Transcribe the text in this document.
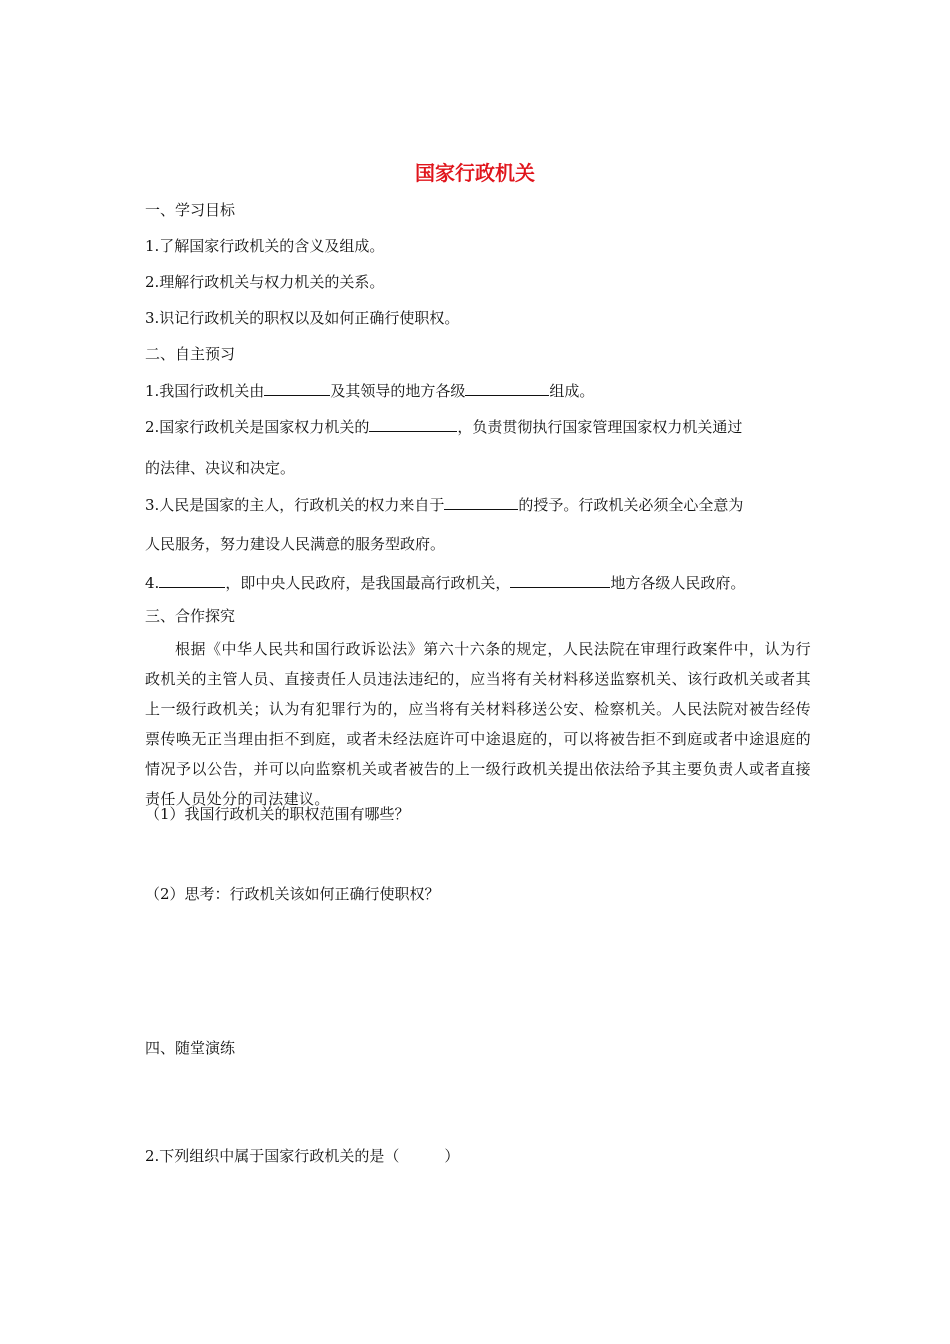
国家行政机关
一、学习目标
1.了解国家行政机关的含义及组成。
2.理解行政机关与权力机关的关系。
3.识记行政机关的职权以及如何正确行使职权。
二、自主预习
1.我国行政机关由	及其领导的地方各级	组成。
2.国家行政机关是国家权力机关的	，负责贯彻执行国家管理国家权力机关通过
的法律、决议和决定。
3.人民是国家的主人，行政机关的权力来自于	的授予。行政机关必须全心全意为
人民服务，努力建设人民满意的服务型政府。
4.	，即中央人民政府，是我国最高行政机关，	地方各级人民政府。
三、合作探究
根据《中华人民共和国行政诉讼法》第六十六条的规定，人民法院在审理行政案件中，认为行政机关的主管人员、直接责任人员违法违纪的，应当将有关材料移送监察机关、该行政机关或者其上一级行政机关；认为有犯罪行为的，应当将有关材料移送公安、检察机关。人民法院对被告经传票传唤无正当理由拒不到庭，或者未经法庭许可中途退庭的，可以将被告拒不到庭或者中途退庭的情况予以公告，并可以向监察机关或者被告的上一级行政机关提出依法给予其主要负责人或者直接责任人员处分的司法建议。
（1）我国行政机关的职权范围有哪些？
（2）思考：行政机关该如何正确行使职权？
四、随堂演练
2.下列组织中属于国家行政机关的是（　　　）
